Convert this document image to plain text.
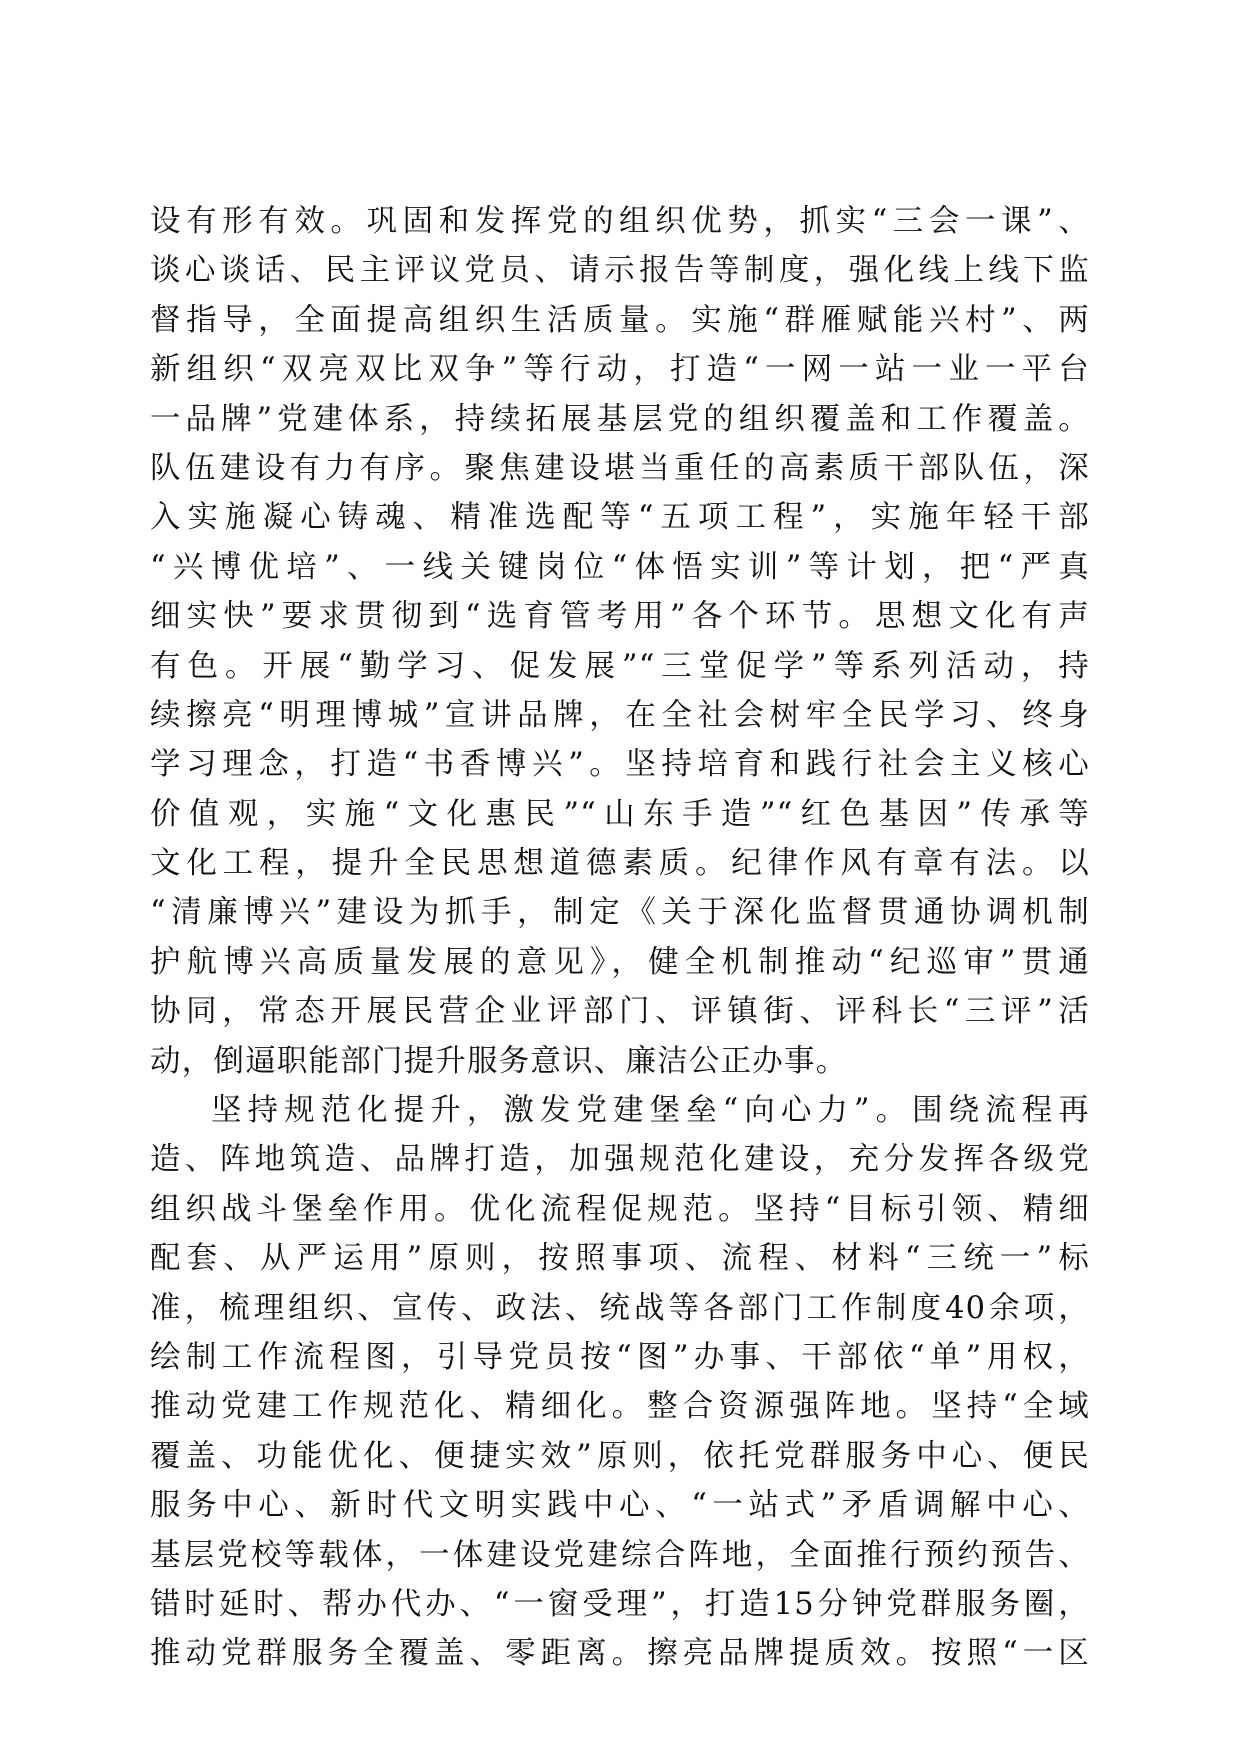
设有形有效。巩固和发挥党的组织优势，抓实“三会一课”、
谈心谈话、民主评议党员、请示报告等制度，强化线上线下监
督指导，全面提高组织生活质量。实施“群雁赋能兴村”、两
新组织“双亮双比双争”等行动，打造“一网一站一业一平台
一品牌”党建体系，持续拓展基层党的组织覆盖和工作覆盖。
队伍建设有力有序。聚焦建设堪当重任的高素质干部队伍，深
入实施凝心铸魂、精准选配等“五项工程”，实施年轻干部
“兴博优培”、一线关键岗位“体悟实训”等计划，把“严真
细实快”要求贯彻到“选育管考用”各个环节。思想文化有声
有色。开展“勤学习、促发展”“三堂促学”等系列活动，持
续擦亮“明理博城”宣讲品牌，在全社会树牢全民学习、终身
学习理念，打造“书香博兴”。坚持培育和践行社会主义核心
价值观，实施“文化惠民”“山东手造”“红色基因”传承等
文化工程，提升全民思想道德素质。纪律作风有章有法。以
“清廉博兴”建设为抓手，制定《关于深化监督贯通协调机制
护航博兴高质量发展的意见》，健全机制推动“纪巡审”贯通
协同，常态开展民营企业评部门、评镇街、评科长“三评”活
动，倒逼职能部门提升服务意识、廉洁公正办事。
坚持规范化提升，激发党建堡垒“向心力”。围绕流程再
造、阵地筑造、品牌打造，加强规范化建设，充分发挥各级党
组织战斗堡垒作用。优化流程促规范。坚持“目标引领、精细
配套、从严运用”原则，按照事项、流程、材料“三统一”标
准，梳理组织、宣传、政法、统战等各部门工作制度40余项，
绘制工作流程图，引导党员按“图”办事、干部依“单”用权，
推动党建工作规范化、精细化。整合资源强阵地。坚持“全域
覆盖、功能优化、便捷实效”原则，依托党群服务中心、便民
服务中心、新时代文明实践中心、“一站式”矛盾调解中心、
基层党校等载体，一体建设党建综合阵地，全面推行预约预告、
错时延时、帮办代办、“一窗受理”，打造15分钟党群服务圈，
推动党群服务全覆盖、零距离。擦亮品牌提质效。按照“一区
